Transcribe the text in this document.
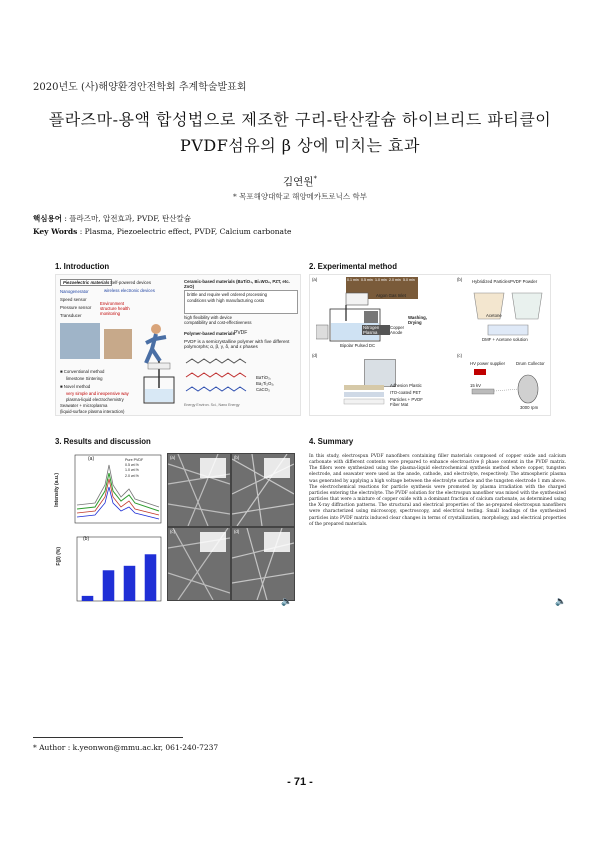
2020년도 (사)해양환경안전학회 추계학술발표회
플라즈마-용액 합성법으로 제조한 구리-탄산칼슘 하이브리드 파티클이
PVDF섬유의 β 상에 미치는 효과
김연원*
* 목포해양대학교 해양메카트로닉스 학부
핵심용어 : 플라즈마, 압전효과, PVDF, 탄산칼슘
Key Words : Plasma, Piezoelectric effect, PVDF, Calcium carbonate
1. Introduction	2. Experimental method
3. Results and discussion	4. Summary
Piezoelectric materials
Nanogenerator
Speed sensor
Pressure sensor
Transducer
Self-powered devices
wireless electronic devices
Environment structure health monitoring
Ceramic-based materials (BaTiO₃, Bi₂WO₆, PZT, etc. ZnO)
brittle and require well ordered processing
conditions with high manufacturing costs
high flexibility with device
compatibility and cost-effectiveness
Polymer-based materials PVDF
PVDF is a semicrystalline polymer with five different polymorphs; α, β, γ, δ, and ε phases
BaTiO₃,
Ba₂Ti₂O₅,
CaCO₃
Energy Environ. Sci., Nano Energy
■ Conventional method
limestone Sintering
■ Novel method
very simple and inexpensive way
plasma-liquid electrochemistry
Seawater + microplasma
(liquid-surface plasma interaction)
(a)	(b)
(c)
(d)
0.1 min 0.5 min 1.0 min 2.0 min 5.0 min
Argon Gas Inlet
Washing, Drying
Nitrogen Plasma
Copper Anode
Bipolar Pulsed DC
Hybridized Particles PVDF Powder
Acetone
DMF + Acetone solution
Adhesion Plastic
ITO-coated PET
Particles + PVDF Fiber Mat
HV power supplier	Drum Collector
15 kV
3000 rpm
(a)
Intensity (a.u.)
Pure PVDF
0.5 wt.%
1.0 wt.%
2.0 wt.%
(b)
F(β) (%)
(a)	(b)
(c)	(d)
🔈	🔈
In this study, electrospun PVDF nanofibers containing filler materials composed of copper oxide and calcium carbonate with different contents were prepared to enhance electroactive β phase content in the PVDF matrix. The fillers were synthesized using the plasma-liquid electrochemical synthesis method where copper, tungsten electrode, and seawater were used as the anode, cathode, and electrolyte, respectively. The atmospheric plasma was generated by applying a high voltage between the electrolyte surface and the tungsten electrode 1 mm above. The electrochemical reactions for particle synthesis were promoted by plasma irradiation with the charged particles entering the electrolyte. The PVDF solution for the electrospun nanofiber was mixed with the synthesized particles that were a mixture of copper oxide with a dominant fraction of calcium carbonate, as determined using the X-ray diffraction patterns. The structural and electrical properties of the as-prepared electrospun nanofibers were characterized using microscopy, spectroscopy, and electrical testing. Small loadings of the synthesized particles into PVDF matrix induced clear changes in terms of crystallization, morphology, and electrical properties of the prepared materials.
* Author : k.yeonwon@mmu.ac.kr, 061-240-7237
- 71 -
